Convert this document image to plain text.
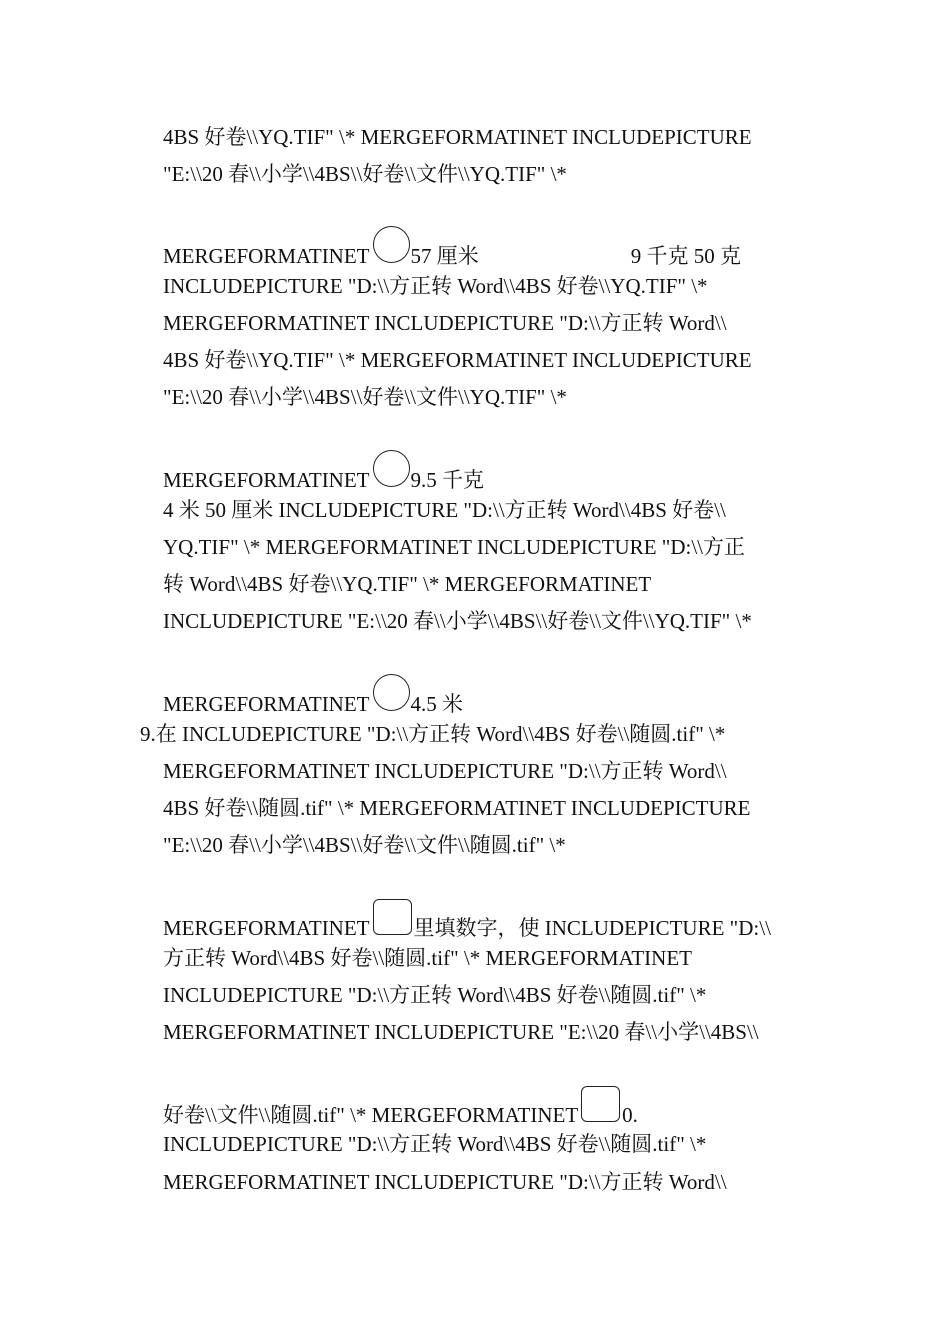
4BS 好卷\\YQ.TIF" \* MERGEFORMATINET INCLUDEPICTURE
"E:\\20 春\\小学\\4BS\\好卷\\文件\\YQ.TIF" \*
MERGEFORMATINET 57 厘米	9 千克 50 克
INCLUDEPICTURE "D:\\方正转 Word\\4BS 好卷\\YQ.TIF" \*
MERGEFORMATINET INCLUDEPICTURE "D:\\方正转 Word\\
4BS 好卷\\YQ.TIF" \* MERGEFORMATINET INCLUDEPICTURE
"E:\\20 春\\小学\\4BS\\好卷\\文件\\YQ.TIF" \*
MERGEFORMATINET 9.5 千克
4 米 50 厘米 INCLUDEPICTURE "D:\\方正转 Word\\4BS 好卷\\
YQ.TIF" \* MERGEFORMATINET INCLUDEPICTURE "D:\\方正
转 Word\\4BS 好卷\\YQ.TIF" \* MERGEFORMATINET
INCLUDEPICTURE "E:\\20 春\\小学\\4BS\\好卷\\文件\\YQ.TIF" \*
MERGEFORMATINET 4.5 米
9.在 INCLUDEPICTURE "D:\\方正转 Word\\4BS 好卷\\随圆.tif" \*
MERGEFORMATINET INCLUDEPICTURE "D:\\方正转 Word\\
4BS 好卷\\随圆.tif" \* MERGEFORMATINET INCLUDEPICTURE
"E:\\20 春\\小学\\4BS\\好卷\\文件\\随圆.tif" \*
MERGEFORMATINET 里填数字，使 INCLUDEPICTURE "D:\\
方正转 Word\\4BS 好卷\\随圆.tif" \* MERGEFORMATINET
INCLUDEPICTURE "D:\\方正转 Word\\4BS 好卷\\随圆.tif" \*
MERGEFORMATINET INCLUDEPICTURE "E:\\20 春\\小学\\4BS\\
好卷\\文件\\随圆.tif" \* MERGEFORMATINET 0.
INCLUDEPICTURE "D:\\方正转 Word\\4BS 好卷\\随圆.tif" \*
MERGEFORMATINET INCLUDEPICTURE "D:\\方正转 Word\\
